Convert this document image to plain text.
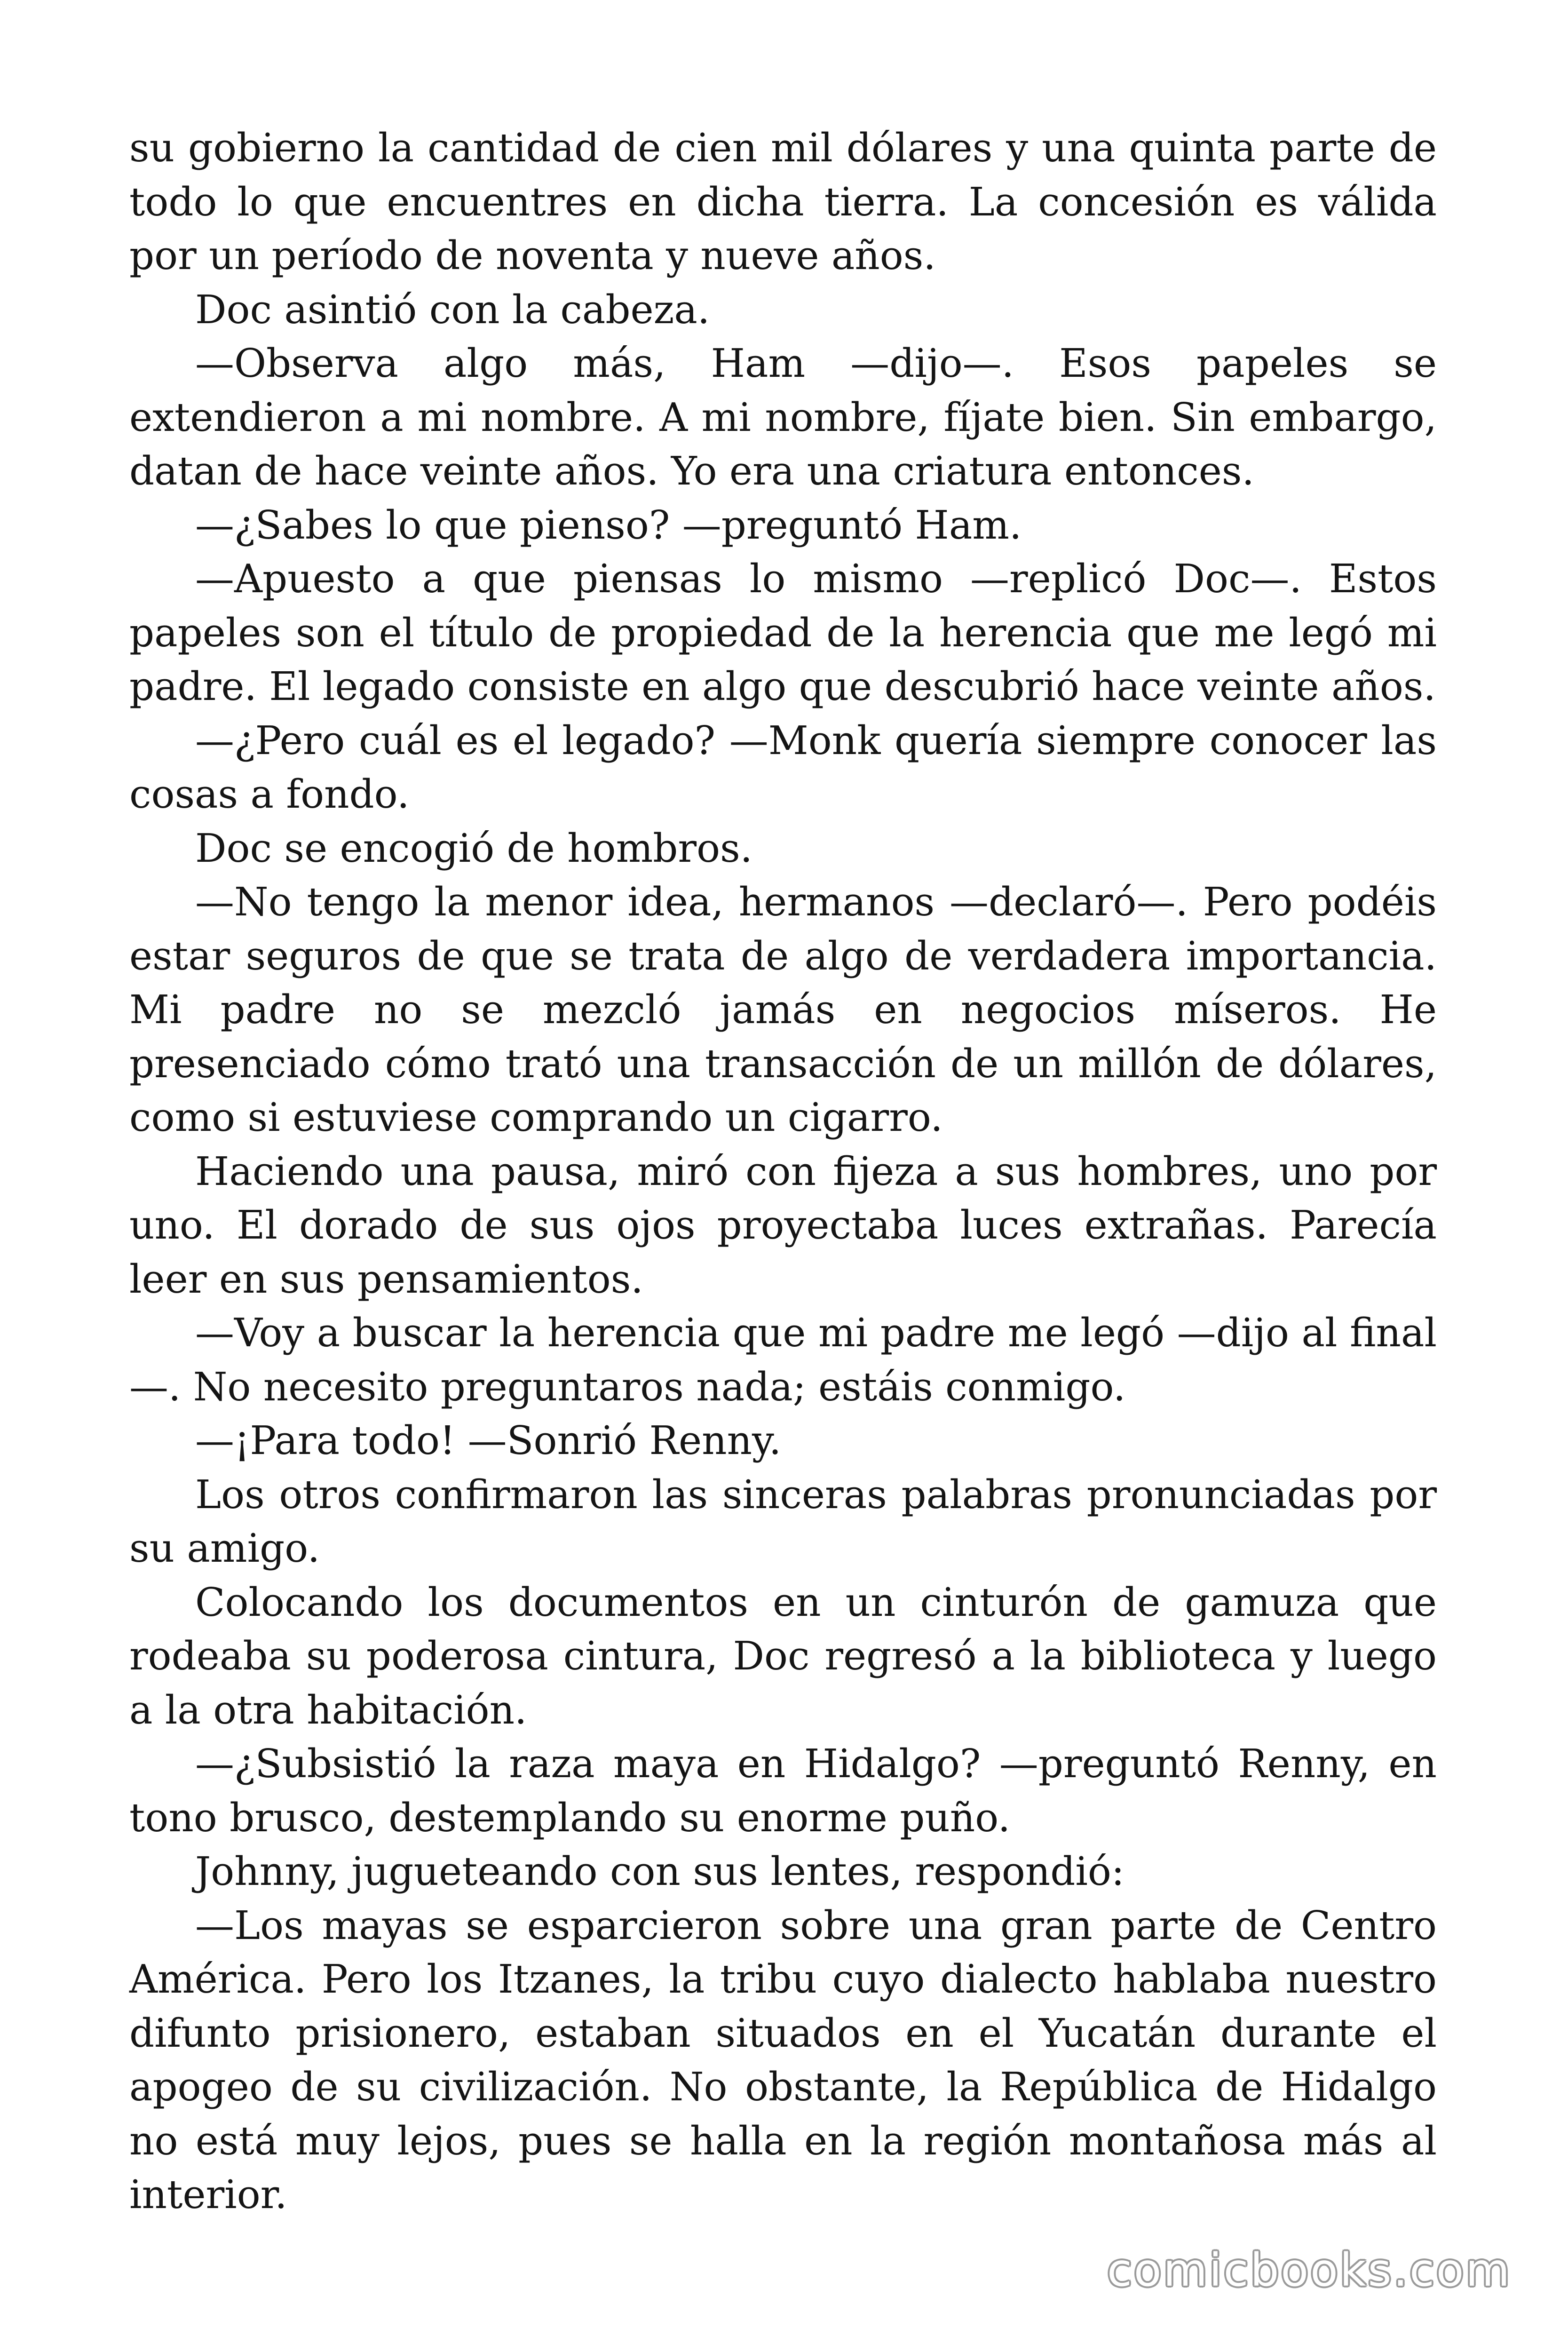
su gobierno la cantidad de cien mil dólares y una quinta parte de todo lo que encuentres en dicha tierra. La concesión es válida por un período de noventa y nueve años.

Doc asintió con la cabeza.

—Observa algo más, Ham —dijo—. Esos papeles se extendieron a mi nombre. A mi nombre, fíjate bien. Sin embargo, datan de hace veinte años. Yo era una criatura entonces.

—¿Sabes lo que pienso? —preguntó Ham.

—Apuesto a que piensas lo mismo —replicó Doc—. Estos papeles son el título de propiedad de la herencia que me legó mi padre. El legado consiste en algo que descubrió hace veinte años.

—¿Pero cuál es el legado? —Monk quería siempre conocer las cosas a fondo.

Doc se encogió de hombros.

—No tengo la menor idea, hermanos —declaró—. Pero podéis estar seguros de que se trata de algo de verdadera importancia. Mi padre no se mezcló jamás en negocios míseros. He presenciado cómo trató una transacción de un millón de dólares, como si estuviese comprando un cigarro.

Haciendo una pausa, miró con fijeza a sus hombres, uno por uno. El dorado de sus ojos proyectaba luces extrañas. Parecía leer en sus pensamientos.

—Voy a buscar la herencia que mi padre me legó —dijo al final —. No necesito preguntaros nada; estáis conmigo.

—¡Para todo! —Sonrió Renny.

Los otros confirmaron las sinceras palabras pronunciadas por su amigo.

Colocando los documentos en un cinturón de gamuza que rodeaba su poderosa cintura, Doc regresó a la biblioteca y luego a la otra habitación.

—¿Subsistió la raza maya en Hidalgo? —preguntó Renny, en tono brusco, destemplando su enorme puño.

Johnny, jugueteando con sus lentes, respondió:

—Los mayas se esparcieron sobre una gran parte de Centro América. Pero los Itzanes, la tribu cuyo dialecto hablaba nuestro difunto prisionero, estaban situados en el Yucatán durante el apogeo de su civilización. No obstante, la República de Hidalgo no está muy lejos, pues se halla en la región montañosa más al interior.

comicbooks.com
